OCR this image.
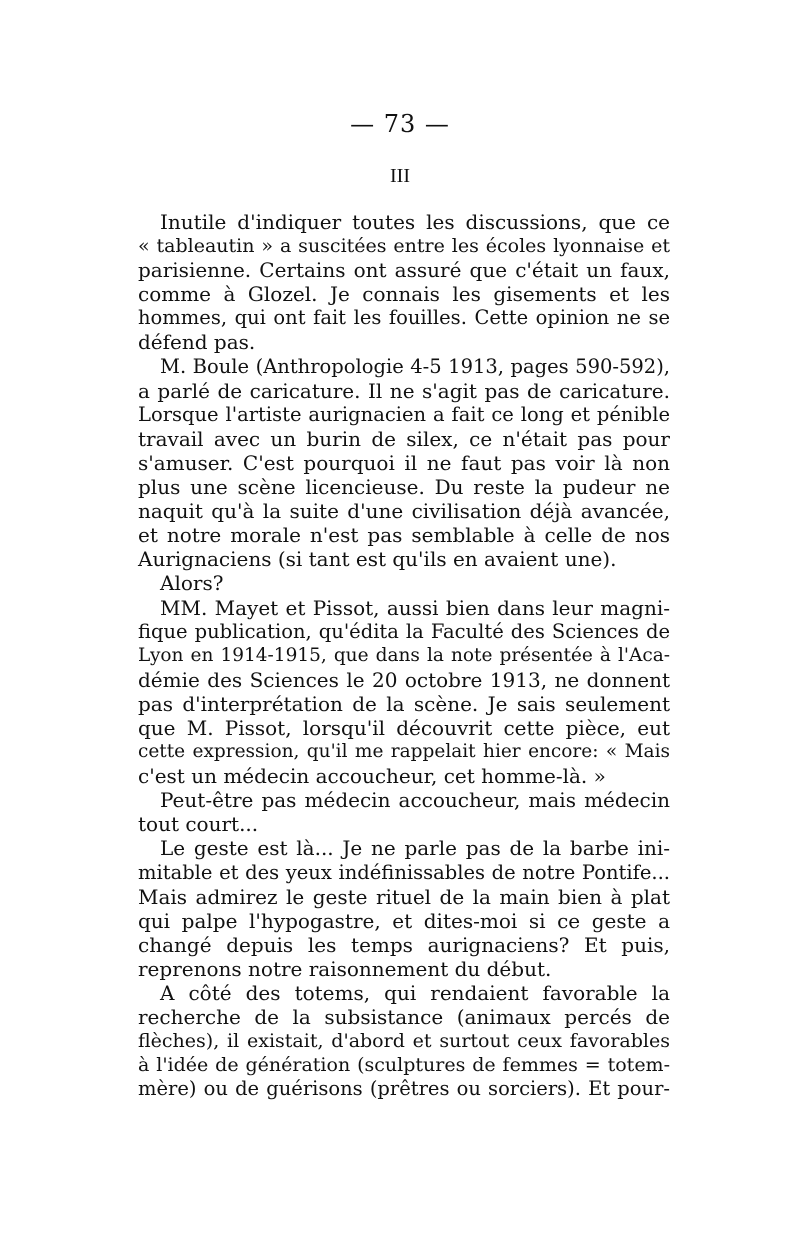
— 73 —
III
Inutile d'indiquer toutes les discussions, que ce
« tableautin » a suscitées entre les écoles lyonnaise et
parisienne. Certains ont assuré que c'était un faux,
comme à Glozel. Je connais les gisements et les
hommes, qui ont fait les fouilles. Cette opinion ne se
défend pas.
M. Boule (Anthropologie 4-5 1913, pages 590-592),
a parlé de caricature. Il ne s'agit pas de caricature.
Lorsque l'artiste aurignacien a fait ce long et pénible
travail avec un burin de silex, ce n'était pas pour
s'amuser. C'est pourquoi il ne faut pas voir là non
plus une scène licencieuse. Du reste la pudeur ne
naquit qu'à la suite d'une civilisation déjà avancée,
et notre morale n'est pas semblable à celle de nos
Aurignaciens (si tant est qu'ils en avaient une).
Alors?
MM. Mayet et Pissot, aussi bien dans leur magni-
fique publication, qu'édita la Faculté des Sciences de
Lyon en 1914-1915, que dans la note présentée à l'Aca-
démie des Sciences le 20 octobre 1913, ne donnent
pas d'interprétation de la scène. Je sais seulement
que M. Pissot, lorsqu'il découvrit cette pièce, eut
cette expression, qu'il me rappelait hier encore: « Mais
c'est un médecin accoucheur, cet homme-là. »
Peut-être pas médecin accoucheur, mais médecin
tout court...
Le geste est là... Je ne parle pas de la barbe ini-
mitable et des yeux indéfinissables de notre Pontife...
Mais admirez le geste rituel de la main bien à plat
qui palpe l'hypogastre, et dites-moi si ce geste a
changé depuis les temps aurignaciens? Et puis,
reprenons notre raisonnement du début.
A côté des totems, qui rendaient favorable la
recherche de la subsistance (animaux percés de
flèches), il existait, d'abord et surtout ceux favorables
à l'idée de génération (sculptures de femmes = totem-
mère) ou de guérisons (prêtres ou sorciers). Et pour-
